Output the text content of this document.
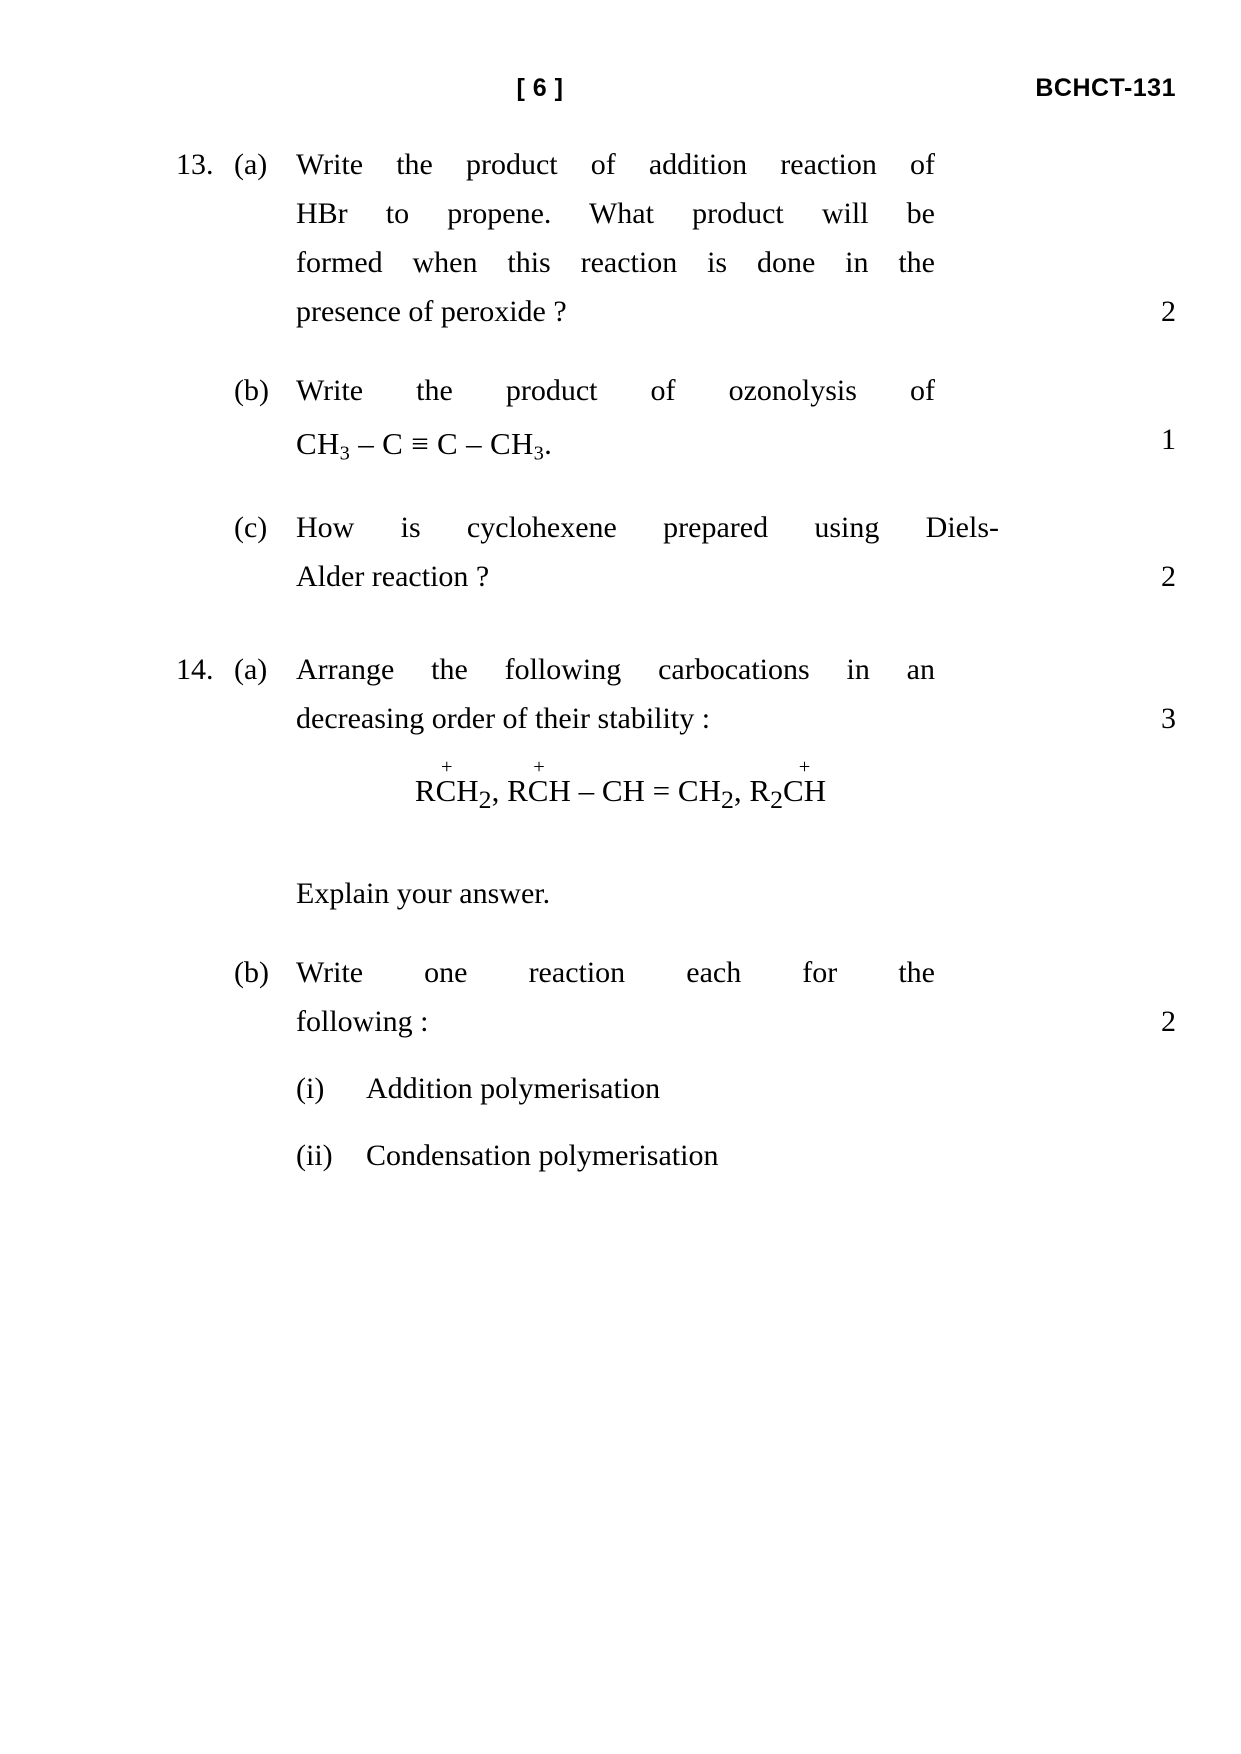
[ 6 ]	BCHCT-131
13. (a) Write the product of addition reaction of
HBr to propene. What product will be
formed when this reaction is done in the
presence of peroxide ?	2
(b) Write the product of ozonolysis of
$CH_3 - C \equiv C - CH_3$.	1
(c) How is cyclohexene prepared using Diels-
Alder reaction ?	2
14. (a) Arrange the following carbocations in an
decreasing order of their stability :	3
+
$RCH_2$,
+
RCH – CH = $CH_2$, $R_2$
+
CH
Explain your answer.
(b) Write one reaction each for the
following :	2
(i)	Addition polymerisation
(ii)	Condensation polymerisation
